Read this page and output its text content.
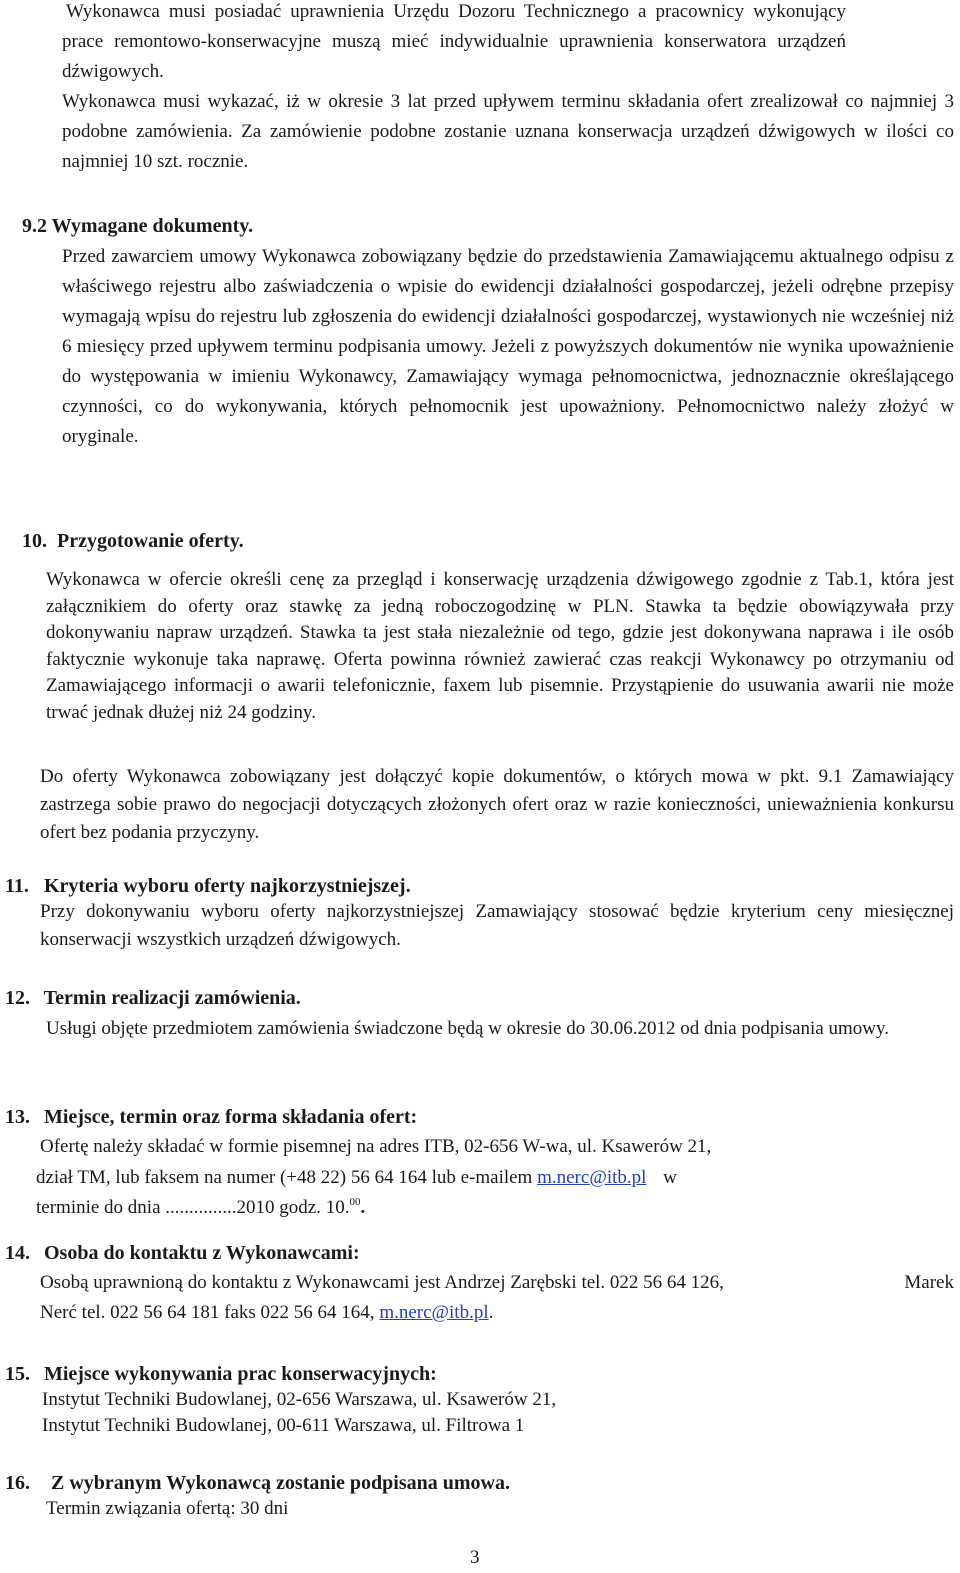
Wykonawca musi posiadać uprawnienia Urzędu Dozoru Technicznego a pracownicy wykonujący prace remontowo-konserwacyjne muszą mieć indywidualnie uprawnienia konserwatora urządzeń dźwigowych.

Wykonawca musi wykazać, iż w okresie 3 lat przed upływem terminu składania ofert zrealizował co najmniej 3 podobne zamówienia. Za zamówienie podobne zostanie uznana konserwacja urządzeń dźwigowych w ilości co najmniej 10 szt. rocznie.

9.2 Wymagane dokumenty.

Przed zawarciem umowy Wykonawca zobowiązany będzie do przedstawienia Zamawiającemu aktualnego odpisu z właściwego rejestru albo zaświadczenia o wpisie do ewidencji działalności gospodarczej, jeżeli odrębne przepisy wymagają wpisu do rejestru lub zgłoszenia do ewidencji działalności gospodarczej, wystawionych nie wcześniej niż 6 miesięcy przed upływem terminu podpisania umowy. Jeżeli z powyższych dokumentów nie wynika upoważnienie do występowania w imieniu Wykonawcy, Zamawiający wymaga pełnomocnictwa, jednoznacznie określającego czynności, co do wykonywania, których pełnomocnik jest upoważniony. Pełnomocnictwo należy złożyć w oryginale.

10. Przygotowanie oferty.

Wykonawca w ofercie określi cenę za przegląd i konserwację urządzenia dźwigowego zgodnie z Tab.1, która jest załącznikiem do oferty oraz stawkę za jedną roboczogodzinę w PLN. Stawka ta będzie obowiązywała przy dokonywaniu napraw urządzeń. Stawka ta jest stała niezależnie od tego, gdzie jest dokonywana naprawa i ile osób faktycznie wykonuje taka naprawę. Oferta powinna również zawierać czas reakcji Wykonawcy po otrzymaniu od Zamawiającego informacji o awarii telefonicznie, faxem lub pisemnie. Przystąpienie do usuwania awarii nie może trwać jednak dłużej niż 24 godziny.

Do oferty Wykonawca zobowiązany jest dołączyć kopie dokumentów, o których mowa w pkt. 9.1 Zamawiający zastrzega sobie prawo do negocjacji dotyczących złożonych ofert oraz w razie konieczności, unieważnienia konkursu ofert bez podania przyczyny.

11. Kryteria wyboru oferty najkorzystniejszej.

Przy dokonywaniu wyboru oferty najkorzystniejszej Zamawiający stosować będzie kryterium ceny miesięcznej konserwacji wszystkich urządzeń dźwigowych.

12. Termin realizacji zamówienia.

Usługi objęte przedmiotem zamówienia świadczone będą w okresie do 30.06.2012 od dnia podpisania umowy.

13. Miejsce, termin oraz forma składania ofert:

Ofertę należy składać w formie pisemnej na adres ITB, 02-656 W-wa, ul. Ksawerów 21,

dział TM, lub faksem na numer (+48 22) 56 64 164 lub e-mailem m.nerc@itb.pl w

terminie do dnia ...............2010 godz. 10.00.

14. Osoba do kontaktu z Wykonawcami:

Osobą uprawnioną do kontaktu z Wykonawcami jest Andrzej Zarębski tel. 022 56 64 126,	Marek

Nerć tel. 022 56 64 181 faks 022 56 64 164, m.nerc@itb.pl.

15. Miejsce wykonywania prac konserwacyjnych:

Instytut Techniki Budowlanej, 02-656 Warszawa, ul. Ksawerów 21,

Instytut Techniki Budowlanej, 00-611 Warszawa, ul. Filtrowa 1

16. Z wybranym Wykonawcą zostanie podpisana umowa.

Termin związania ofertą: 30 dni

3
